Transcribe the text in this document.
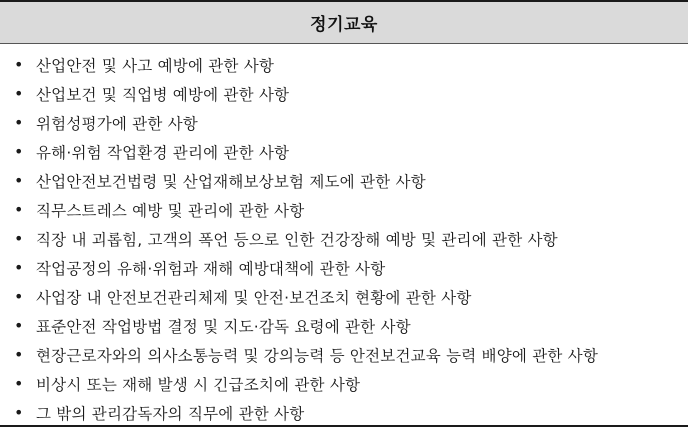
정기교육
• 산업안전 및 사고 예방에 관한 사항
• 산업보건 및 직업병 예방에 관한 사항
• 위험성평가에 관한 사항
• 유해·위험 작업환경 관리에 관한 사항
• 산업안전보건법령 및 산업재해보상보험 제도에 관한 사항
• 직무스트레스 예방 및 관리에 관한 사항
• 직장 내 괴롭힘, 고객의 폭언 등으로 인한 건강장해 예방 및 관리에 관한 사항
• 작업공정의 유해·위험과 재해 예방대책에 관한 사항
• 사업장 내 안전보건관리체제 및 안전·보건조치 현황에 관한 사항
• 표준안전 작업방법 결정 및 지도·감독 요령에 관한 사항
• 현장근로자와의 의사소통능력 및 강의능력 등 안전보건교육 능력 배양에 관한 사항
• 비상시 또는 재해 발생 시 긴급조치에 관한 사항
• 그 밖의 관리감독자의 직무에 관한 사항
